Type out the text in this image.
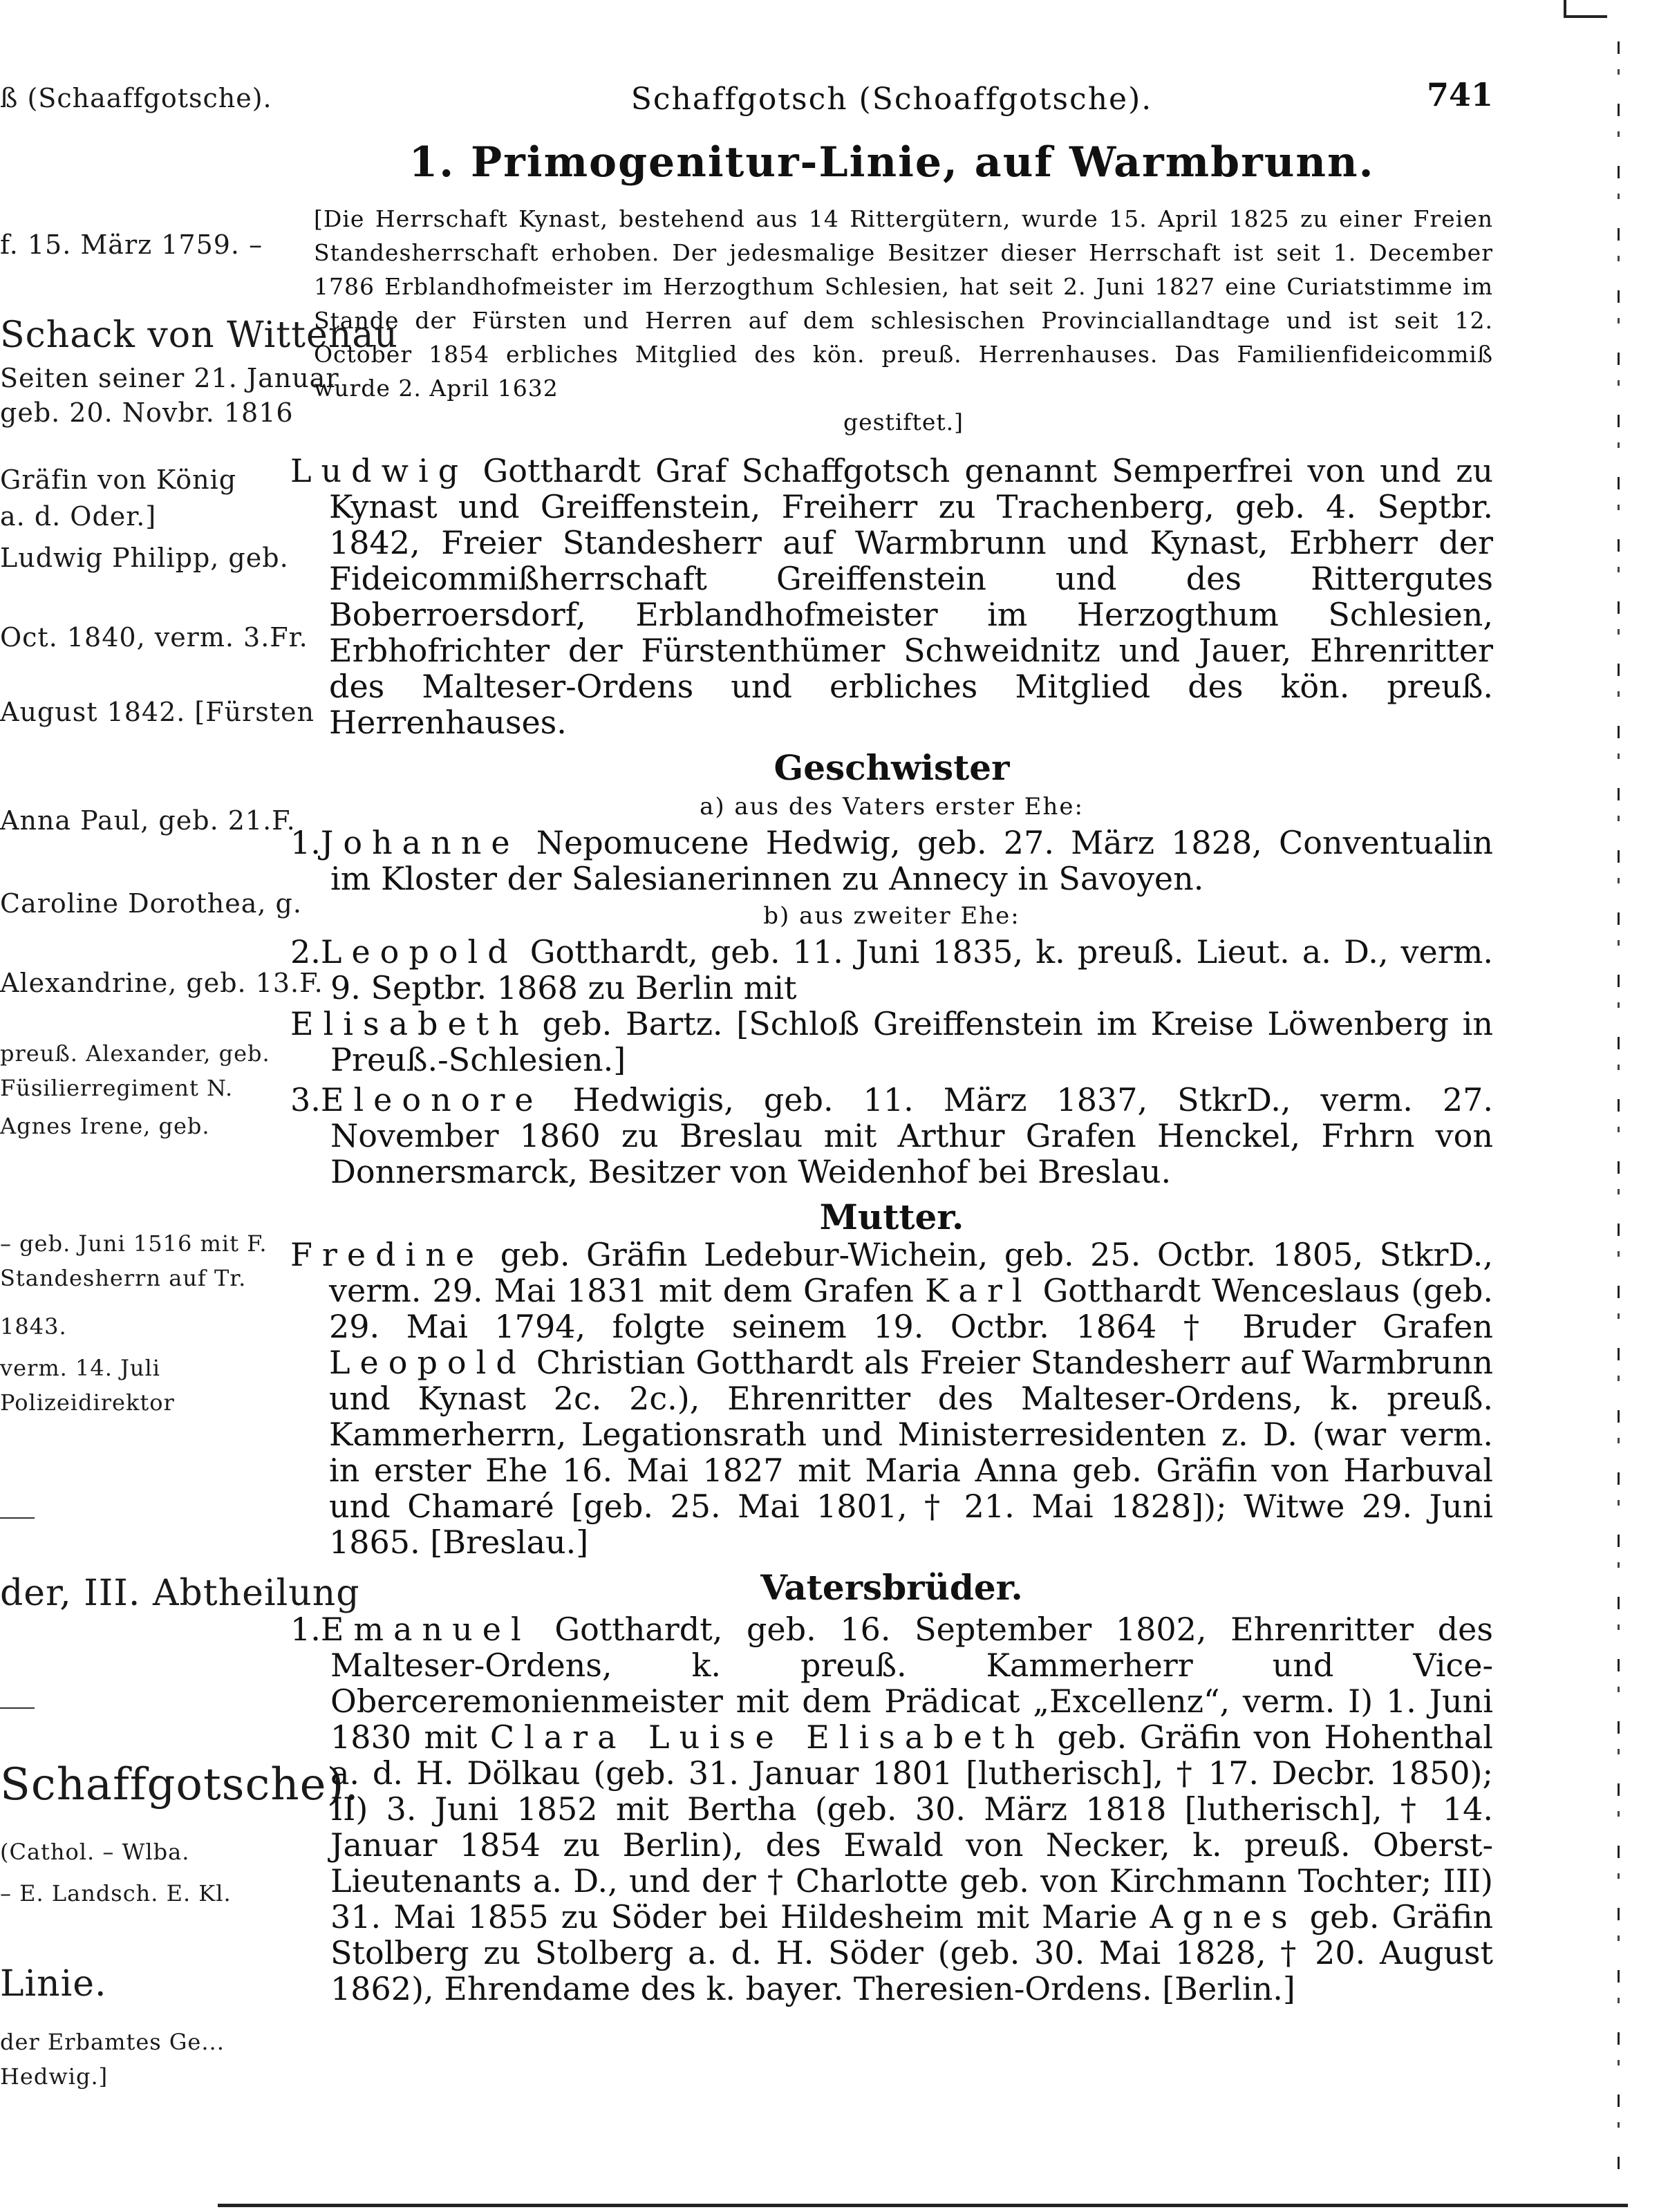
ß (Schaaffgotsche).
f. 15. März 1759. –
Schack von Wittenau
Seiten seiner 21. Januar
geb. 20. Novbr. 1816
Gräfin von König
a. d. Oder.]
Ludwig Philipp, geb.
Oct. 1840, verm. 3.Fr.
August 1842. [Fürsten
Anna Paul, geb. 21.F.
Caroline Dorothea, g.
Alexandrine, geb. 13.F.
preuß. Alexander, geb.
Füsilierregiment N.
Agnes Irene, geb.
– geb. Juni 1516 mit F.
Standesherrn auf Tr.
1843.
verm. 14. Juli
Polizeidirektor
der, III. Abtheilung
Schaffgotsche).
(Cathol. – Wlba.
– E. Landsch. E. Kl.
Linie.
der Erbamtes Ge...
Hedwig.]
Schaffgotsch (Schoaffgotsche).	741
1. Primogenitur-Linie, auf Warmbrunn.
[Die Herrschaft Kynast, bestehend aus 14 Rittergütern, wurde 15. April 1825 zu einer Freien Standesherrschaft erhoben. Der jedesmalige Besitzer dieser Herrschaft ist seit 1. December 1786 Erblandhofmeister im Herzogthum Schlesien, hat seit 2. Juni 1827 eine Curiatstimme im Stande der Fürsten und Herren auf dem schlesischen Provinciallandtage und ist seit 12. October 1854 erbliches Mitglied des kön. preuß. Herrenhauses. Das Familienfideicommiß wurde 2. April 1632
gestiftet.]
Ludwig Gotthardt Graf Schaffgotsch genannt Semperfrei von und zu Kynast und Greiffenstein, Freiherr zu Trachenberg, geb. 4. Septbr. 1842, Freier Standesherr auf Warmbrunn und Kynast, Erbherr der Fideicommißherrschaft Greiffenstein und des Rittergutes Boberroersdorf, Erblandhofmeister im Herzogthum Schlesien, Erbhofrichter der Fürstenthümer Schweidnitz und Jauer, Ehrenritter des Malteser-Ordens und erbliches Mitglied des kön. preuß. Herrenhauses.
Geschwister
a) aus des Vaters erster Ehe:
1.Johanne Nepomucene Hedwig, geb. 27. März 1828, Conventualin im Kloster der Salesianerinnen zu Annecy in Savoyen.
b) aus zweiter Ehe:
2.Leopold Gotthardt, geb. 11. Juni 1835, k. preuß. Lieut. a. D., verm. 9. Septbr. 1868 zu Berlin mit
Elisabeth geb. Bartz. [Schloß Greiffenstein im Kreise Löwenberg in Preuß.-Schlesien.]
3.Eleonore Hedwigis, geb. 11. März 1837, StkrD., verm. 27. November 1860 zu Breslau mit Arthur Grafen Henckel, Frhrn von Donnersmarck, Besitzer von Weidenhof bei Breslau.
Mutter.
Fredine geb. Gräfin Ledebur-Wichein, geb. 25. Octbr. 1805, StkrD., verm. 29. Mai 1831 mit dem Grafen Karl Gotthardt Wenceslaus (geb. 29. Mai 1794, folgte seinem 19. Octbr. 1864 † Bruder Grafen Leopold Christian Gotthardt als Freier Standesherr auf Warmbrunn und Kynast 2c. 2c.), Ehrenritter des Malteser-Ordens, k. preuß. Kammerherrn, Legationsrath und Ministerresidenten z. D. (war verm. in erster Ehe 16. Mai 1827 mit Maria Anna geb. Gräfin von Harbuval und Chamaré [geb. 25. Mai 1801, † 21. Mai 1828]); Witwe 29. Juni 1865. [Breslau.]
Vatersbrüder.
1.Emanuel Gotthardt, geb. 16. September 1802, Ehrenritter des Malteser-Ordens, k. preuß. Kammerherr und Vice-Oberceremonienmeister mit dem Prädicat „Excellenz“, verm. I) 1. Juni 1830 mit Clara Luise Elisabeth geb. Gräfin von Hohenthal a. d. H. Dölkau (geb. 31. Januar 1801 [lutherisch], † 17. Decbr. 1850); II) 3. Juni 1852 mit Bertha (geb. 30. März 1818 [lutherisch], † 14. Januar 1854 zu Berlin), des Ewald von Necker, k. preuß. Oberst-Lieutenants a. D., und der † Charlotte geb. von Kirchmann Tochter; III) 31. Mai 1855 zu Söder bei Hildesheim mit Marie Agnes geb. Gräfin Stolberg zu Stolberg a. d. H. Söder (geb. 30. Mai 1828, † 20. August 1862), Ehrendame des k. bayer. Theresien-Ordens. [Berlin.]
